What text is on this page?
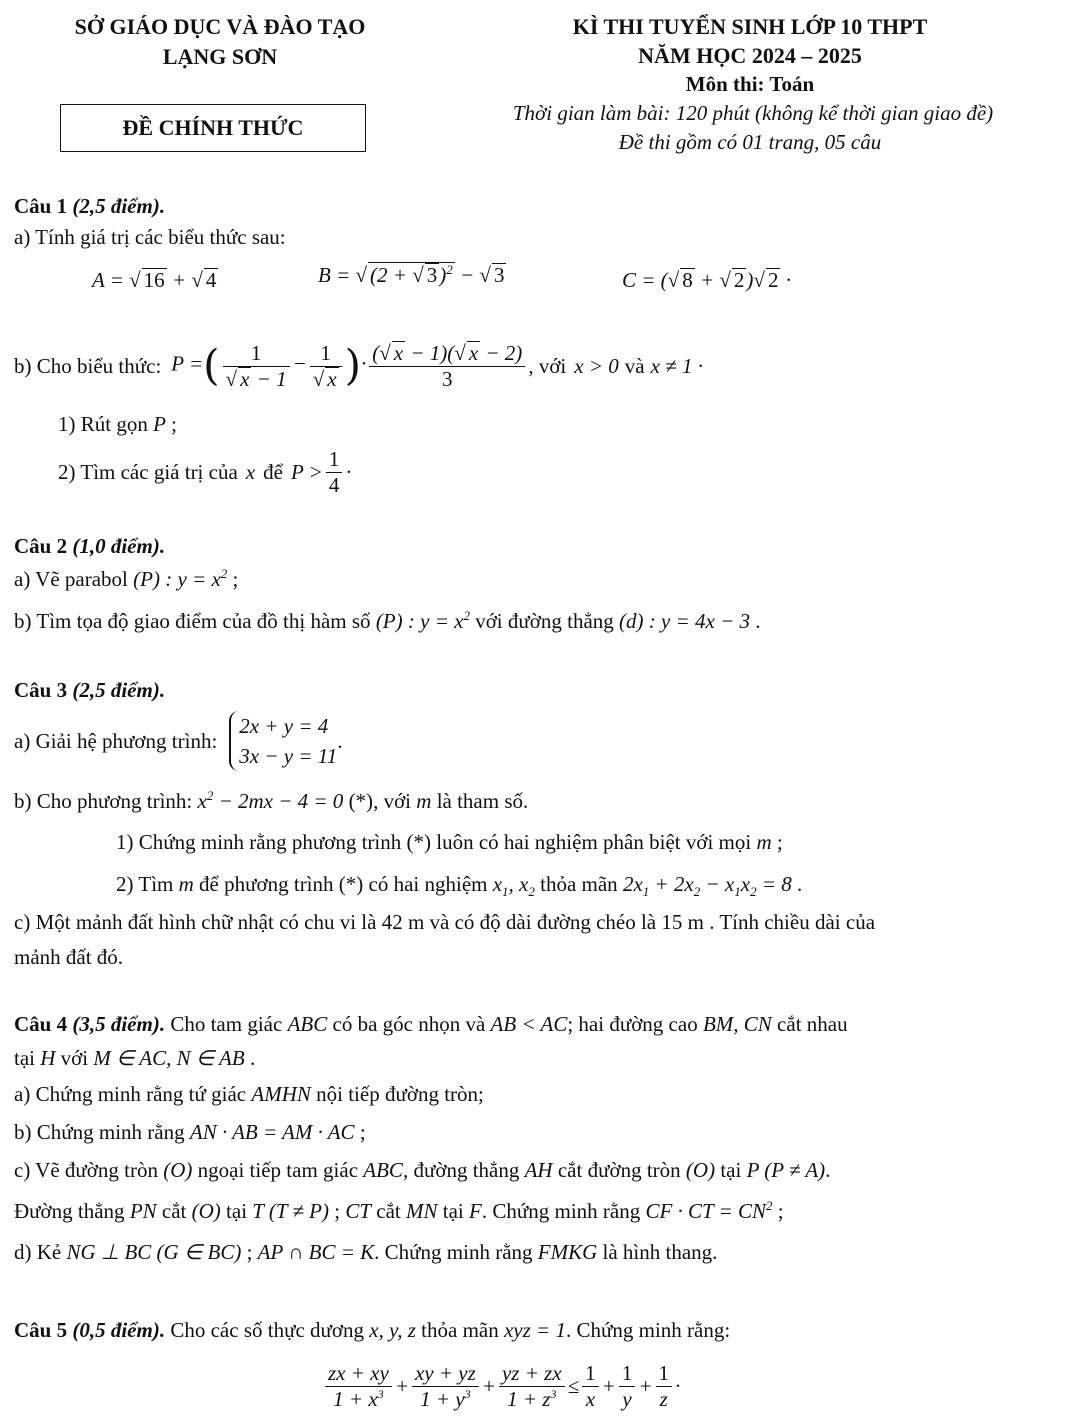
SỞ GIÁO DỤC VÀ ĐÀO TẠO
LẠNG SƠN
ĐỀ CHÍNH THỨC
KÌ THI TUYỂN SINH LỚP 10 THPT
NĂM HỌC 2024 – 2025
Môn thi: Toán
Thời gian làm bài: 120 phút (không kể thời gian giao đề)
Đề thi gồm có 01 trang, 05 câu
Câu 1 (2,5 điểm).
a) Tính giá trị các biểu thức sau:
A = √ 16 + √ 4	B = √ (2 + √ 3)$^2$ − √ 3	C = (√ 8 + √ 2)√ 2 ·
b) Cho biểu thức: P =( $\frac{1}{√ x - 1} - \frac{1}{√ x}$ )· $\frac{(√ x - 1)(√ x - 2)}{3}$ , với x > 0 và x ≠ 1 ·
1) Rút gọn P ;
2) Tìm các giá trị của x để $P > \frac{1}{4}$ ·
Câu 2 (1,0 điểm).
a) Vẽ parabol (P) : $y = x^2$ ;
b) Tìm tọa độ giao điểm của đồ thị hàm số (P) : $y = x^2$ với đường thẳng (d) : y = 4x − 3 .
Câu 3 (2,5 điểm).
a) Giải hệ phương trình:
2x + y = 4
3x − y = 11
.
b) Cho phương trình: $x^2 - 2mx - 4 = 0$ (*), với m là tham số.
1) Chứng minh rằng phương trình (*) luôn có hai nghiệm phân biệt với mọi m ;
2) Tìm m để phương trình (*) có hai nghiệm $x_1$, $x_2$ thỏa mãn $2x_1 + 2x_2 - x_1x_2 = 8$ .
c) Một mảnh đất hình chữ nhật có chu vi là 42 m và có độ dài đường chéo là 15 m . Tính chiều dài của
mảnh đất đó.
Câu 4 (3,5 điểm). Cho tam giác ABC có ba góc nhọn và AB < AC; hai đường cao BM, CN cắt nhau
tại H với M ∈ AC, N ∈ AB .
a) Chứng minh rằng tứ giác AMHN nội tiếp đường tròn;
b) Chứng minh rằng AN · AB = AM · AC ;
c) Vẽ đường tròn (O) ngoại tiếp tam giác ABC, đường thẳng AH cắt đường tròn (O) tại P (P ≠ A).
Đường thẳng PN cắt (O) tại T (T ≠ P) ; CT cắt MN tại F. Chứng minh rằng CF · CT = $CN^2$ ;
d) Kẻ NG ⊥ BC (G ∈ BC) ; AP ∩ BC = K. Chứng minh rằng FMKG là hình thang.
Câu 5 (0,5 điểm). Cho các số thực dương x, y, z thỏa mãn xyz = 1. Chứng minh rằng:
$\frac{zx + xy}{1 + x^3} + \frac{xy + yz}{1 + y^3} + \frac{yz + zx}{1 + z^3} \le \frac{1}{x} + \frac{1}{y} + \frac{1}{z}$ ·
